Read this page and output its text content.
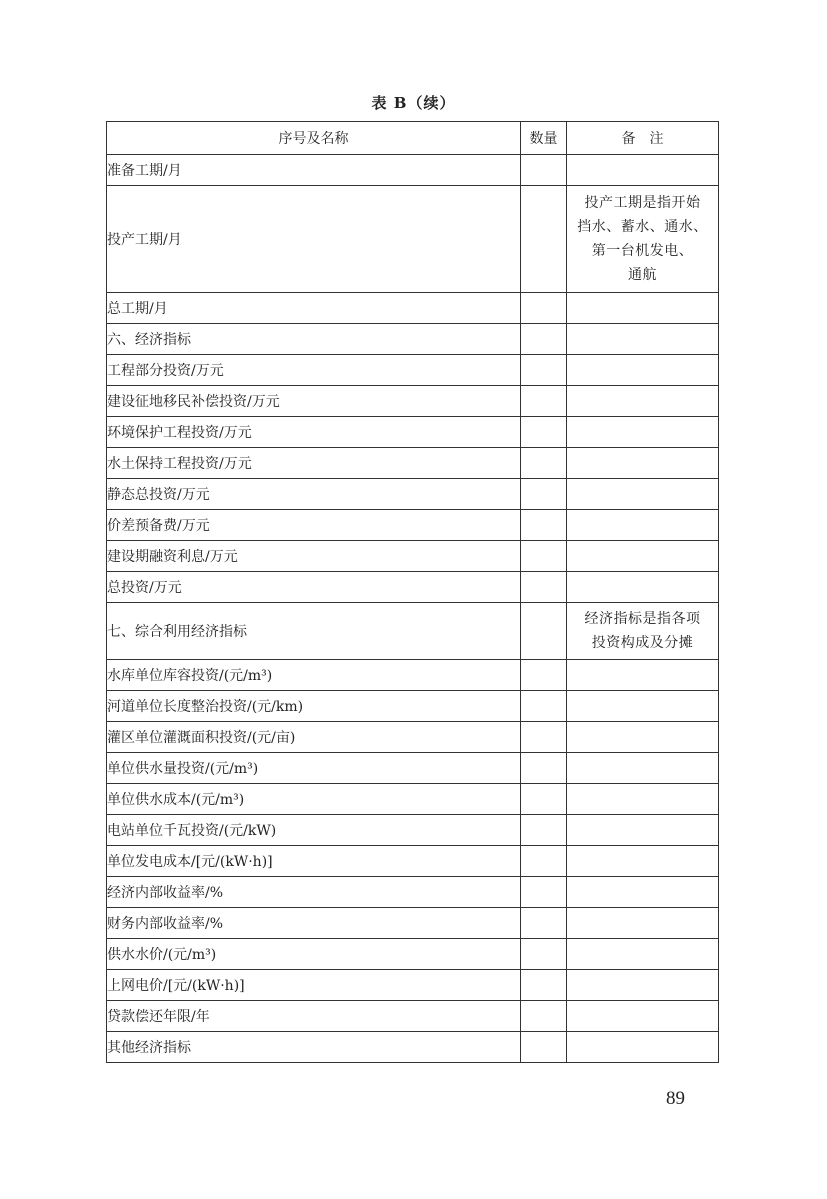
表 B（续）
序号及名称	数量	备　注
准备工期/月		
投产工期/月		投产工期是指开始
挡水、蓄水、通水、
第一台机发电、
通航

总工期/月		
六、经济指标		
工程部分投资/万元		
建设征地移民补偿投资/万元		
环境保护工程投资/万元		
水土保持工程投资/万元		
静态总投资/万元		
价差预备费/万元		
建设期融资利息/万元		
总投资/万元		
七、综合利用经济指标		经济指标是指各项
投资构成及分摊

水库单位库容投资/(元/m³)		
河道单位长度整治投资/(元/km)		
灌区单位灌溉面积投资/(元/亩)		
单位供水量投资/(元/m³)		
单位供水成本/(元/m³)		
电站单位千瓦投资/(元/kW)		
单位发电成本/[元/(kW·h)]		
经济内部收益率/%		
财务内部收益率/%		
供水水价/(元/m³)		
上网电价/[元/(kW·h)]		
贷款偿还年限/年		
其他经济指标		
89
